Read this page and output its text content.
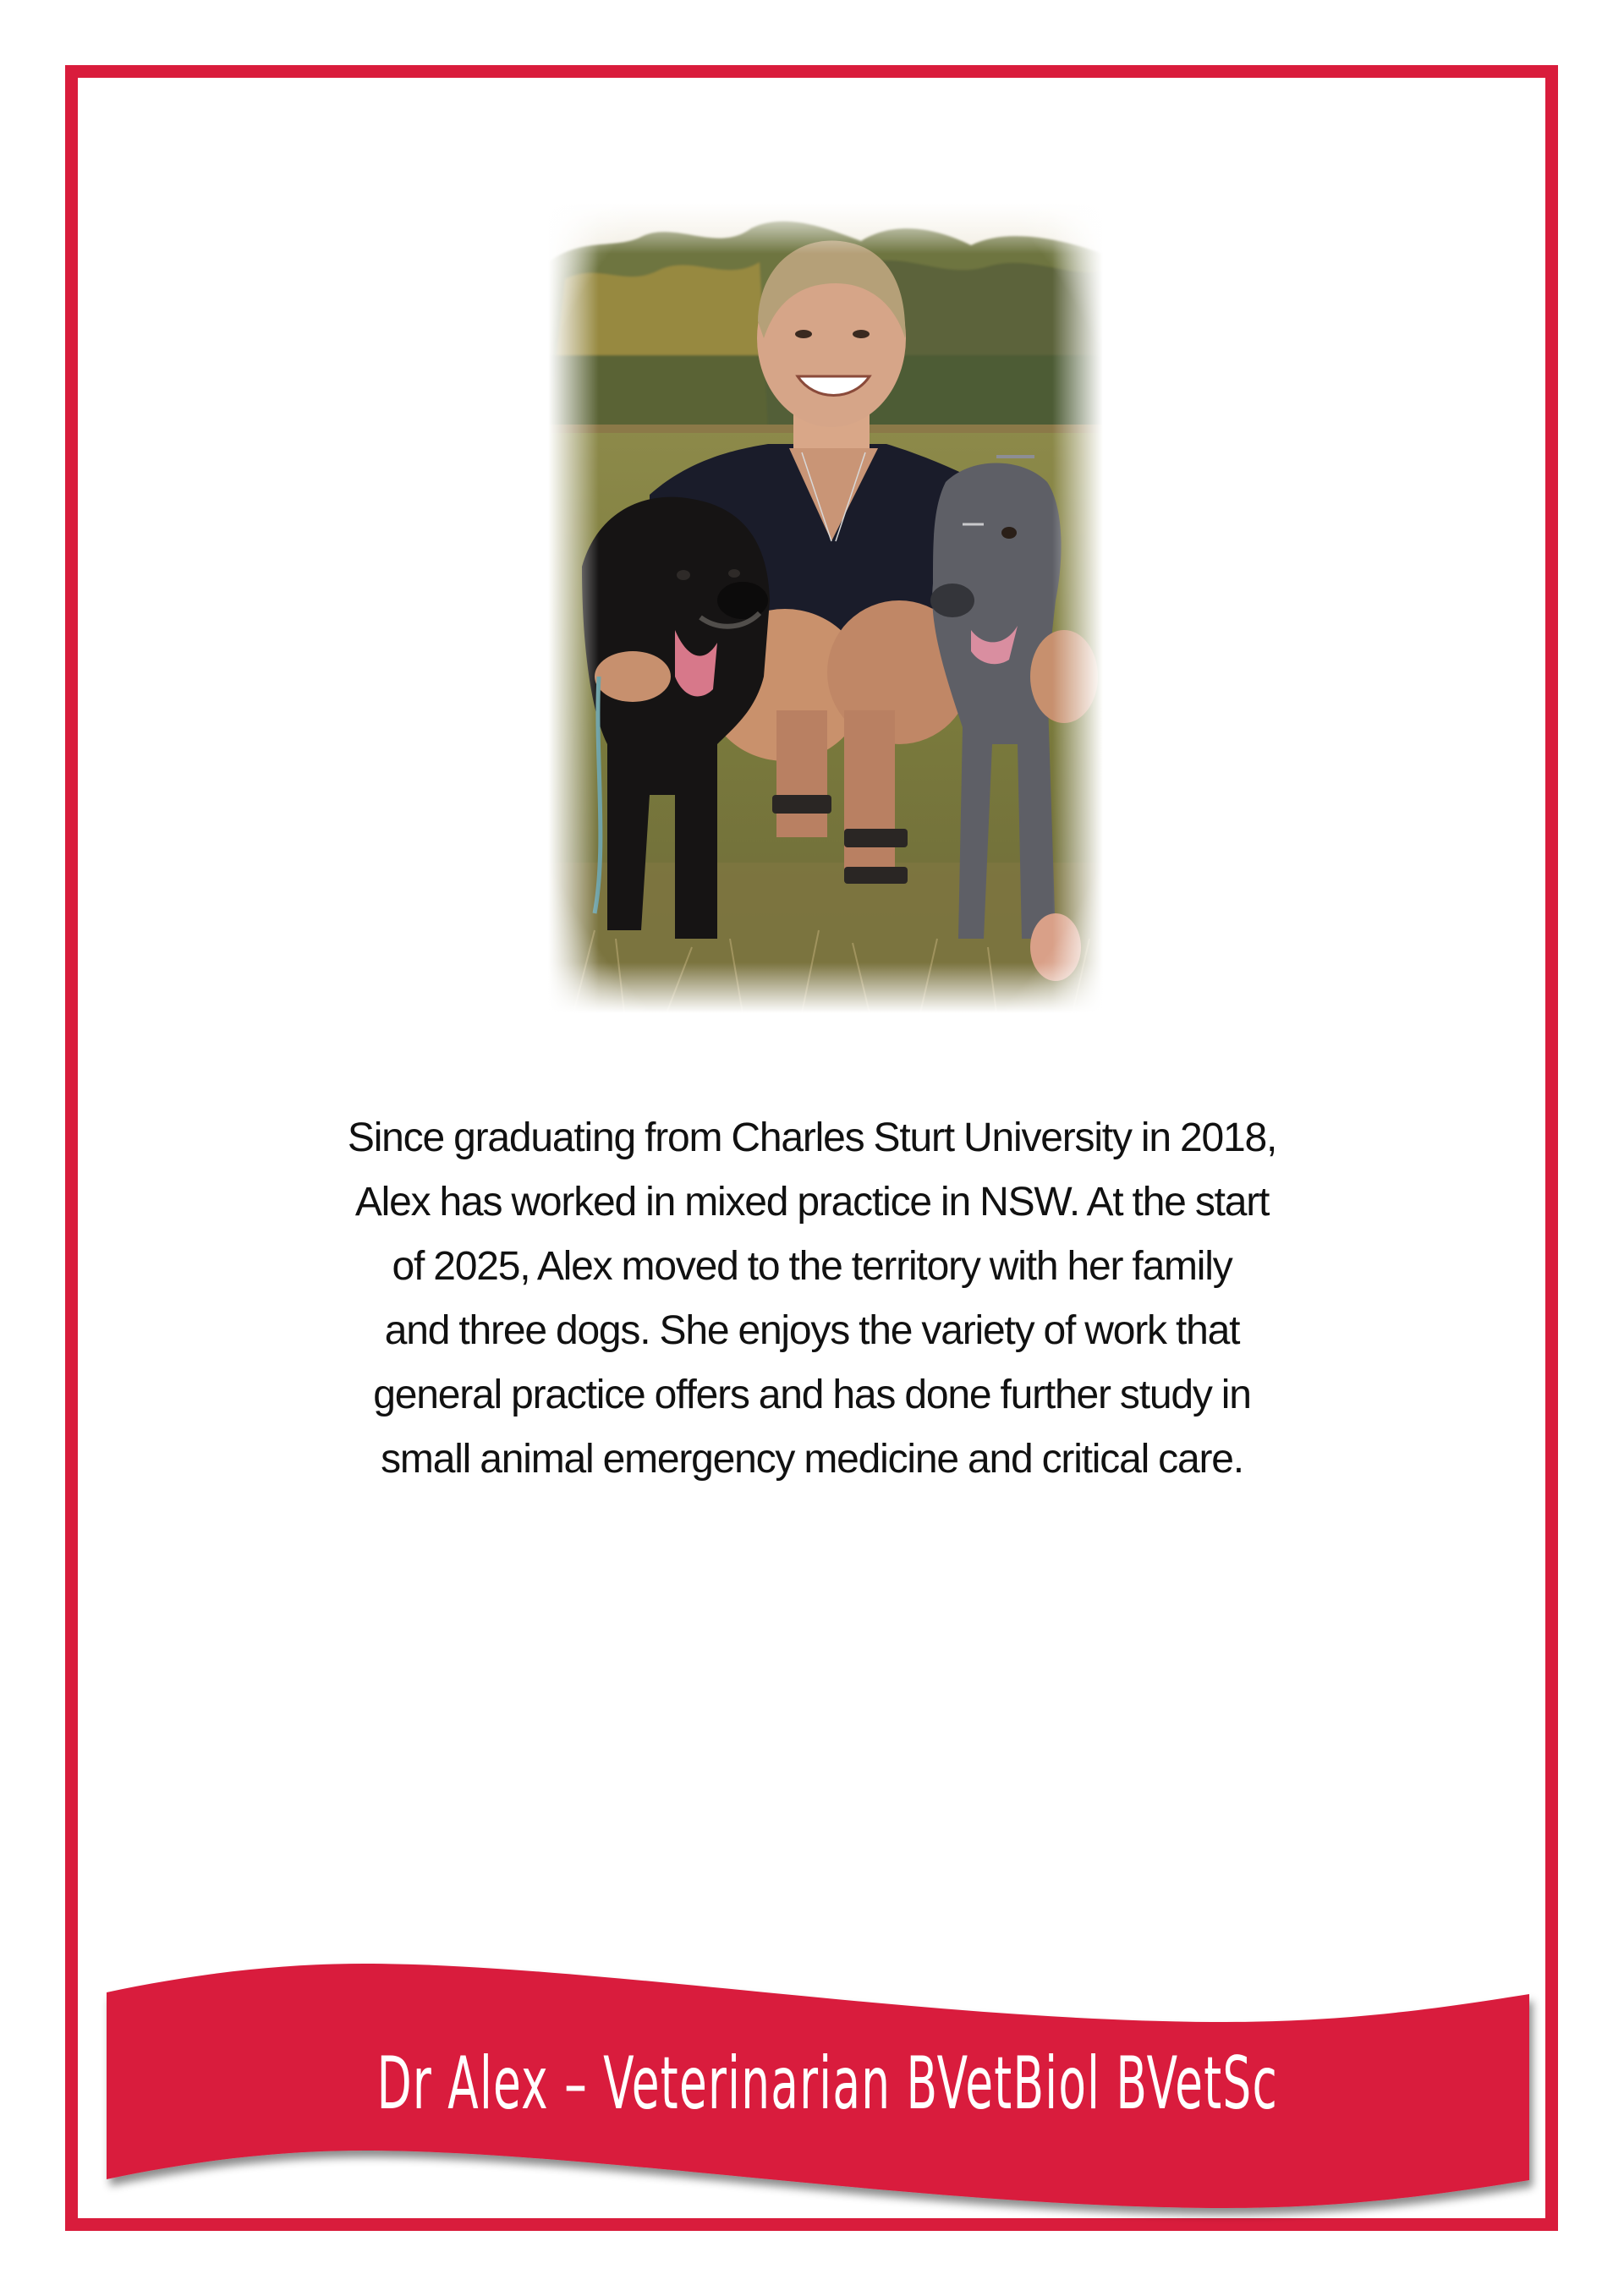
Since graduating from Charles Sturt University in 2018,
Alex has worked in mixed practice in NSW. At the start
of 2025, Alex moved to the territory with her family
and three dogs. She enjoys the variety of work that
general practice offers and has done further study in
small animal emergency medicine and critical care.
Dr Alex – Veterinarian BVetBiol BVetSc
